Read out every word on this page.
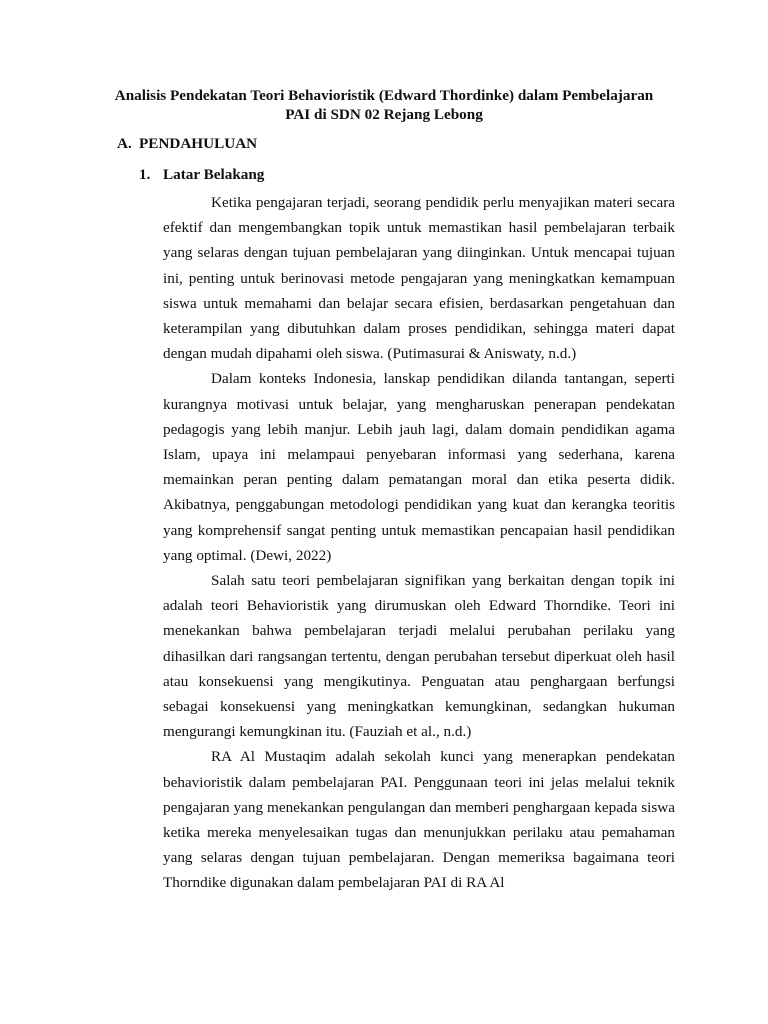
Analisis Pendekatan Teori Behavioristik (Edward Thordinke) dalam Pembelajaran
PAI di SDN 02 Rejang Lebong
A. PENDAHULUAN
1. Latar Belakang

Ketika pengajaran terjadi, seorang pendidik perlu menyajikan materi secara efektif dan mengembangkan topik untuk memastikan hasil pembelajaran terbaik yang selaras dengan tujuan pembelajaran yang diinginkan. Untuk mencapai tujuan ini, penting untuk berinovasi metode pengajaran yang meningkatkan kemampuan siswa untuk memahami dan belajar secara efisien, berdasarkan pengetahuan dan keterampilan yang dibutuhkan dalam proses pendidikan, sehingga materi dapat dengan mudah dipahami oleh siswa. (Putimasurai & Aniswaty, n.d.)

Dalam konteks Indonesia, lanskap pendidikan dilanda tantangan, seperti kurangnya motivasi untuk belajar, yang mengharuskan penerapan pendekatan pedagogis yang lebih manjur. Lebih jauh lagi, dalam domain pendidikan agama Islam, upaya ini melampaui penyebaran informasi yang sederhana, karena memainkan peran penting dalam pematangan moral dan etika peserta didik. Akibatnya, penggabungan metodologi pendidikan yang kuat dan kerangka teoritis yang komprehensif sangat penting untuk memastikan pencapaian hasil pendidikan yang optimal. (Dewi, 2022)

Salah satu teori pembelajaran signifikan yang berkaitan dengan topik ini adalah teori Behavioristik yang dirumuskan oleh Edward Thorndike. Teori ini menekankan bahwa pembelajaran terjadi melalui perubahan perilaku yang dihasilkan dari rangsangan tertentu, dengan perubahan tersebut diperkuat oleh hasil atau konsekuensi yang mengikutinya. Penguatan atau penghargaan berfungsi sebagai konsekuensi yang meningkatkan kemungkinan, sedangkan hukuman mengurangi kemungkinan itu. (Fauziah et al., n.d.)

RA Al Mustaqim adalah sekolah kunci yang menerapkan pendekatan behavioristik dalam pembelajaran PAI. Penggunaan teori ini jelas melalui teknik pengajaran yang menekankan pengulangan dan memberi penghargaan kepada siswa ketika mereka menyelesaikan tugas dan menunjukkan perilaku atau pemahaman yang selaras dengan tujuan pembelajaran. Dengan memeriksa bagaimana teori Thorndike digunakan dalam pembelajaran PAI di RA Al
